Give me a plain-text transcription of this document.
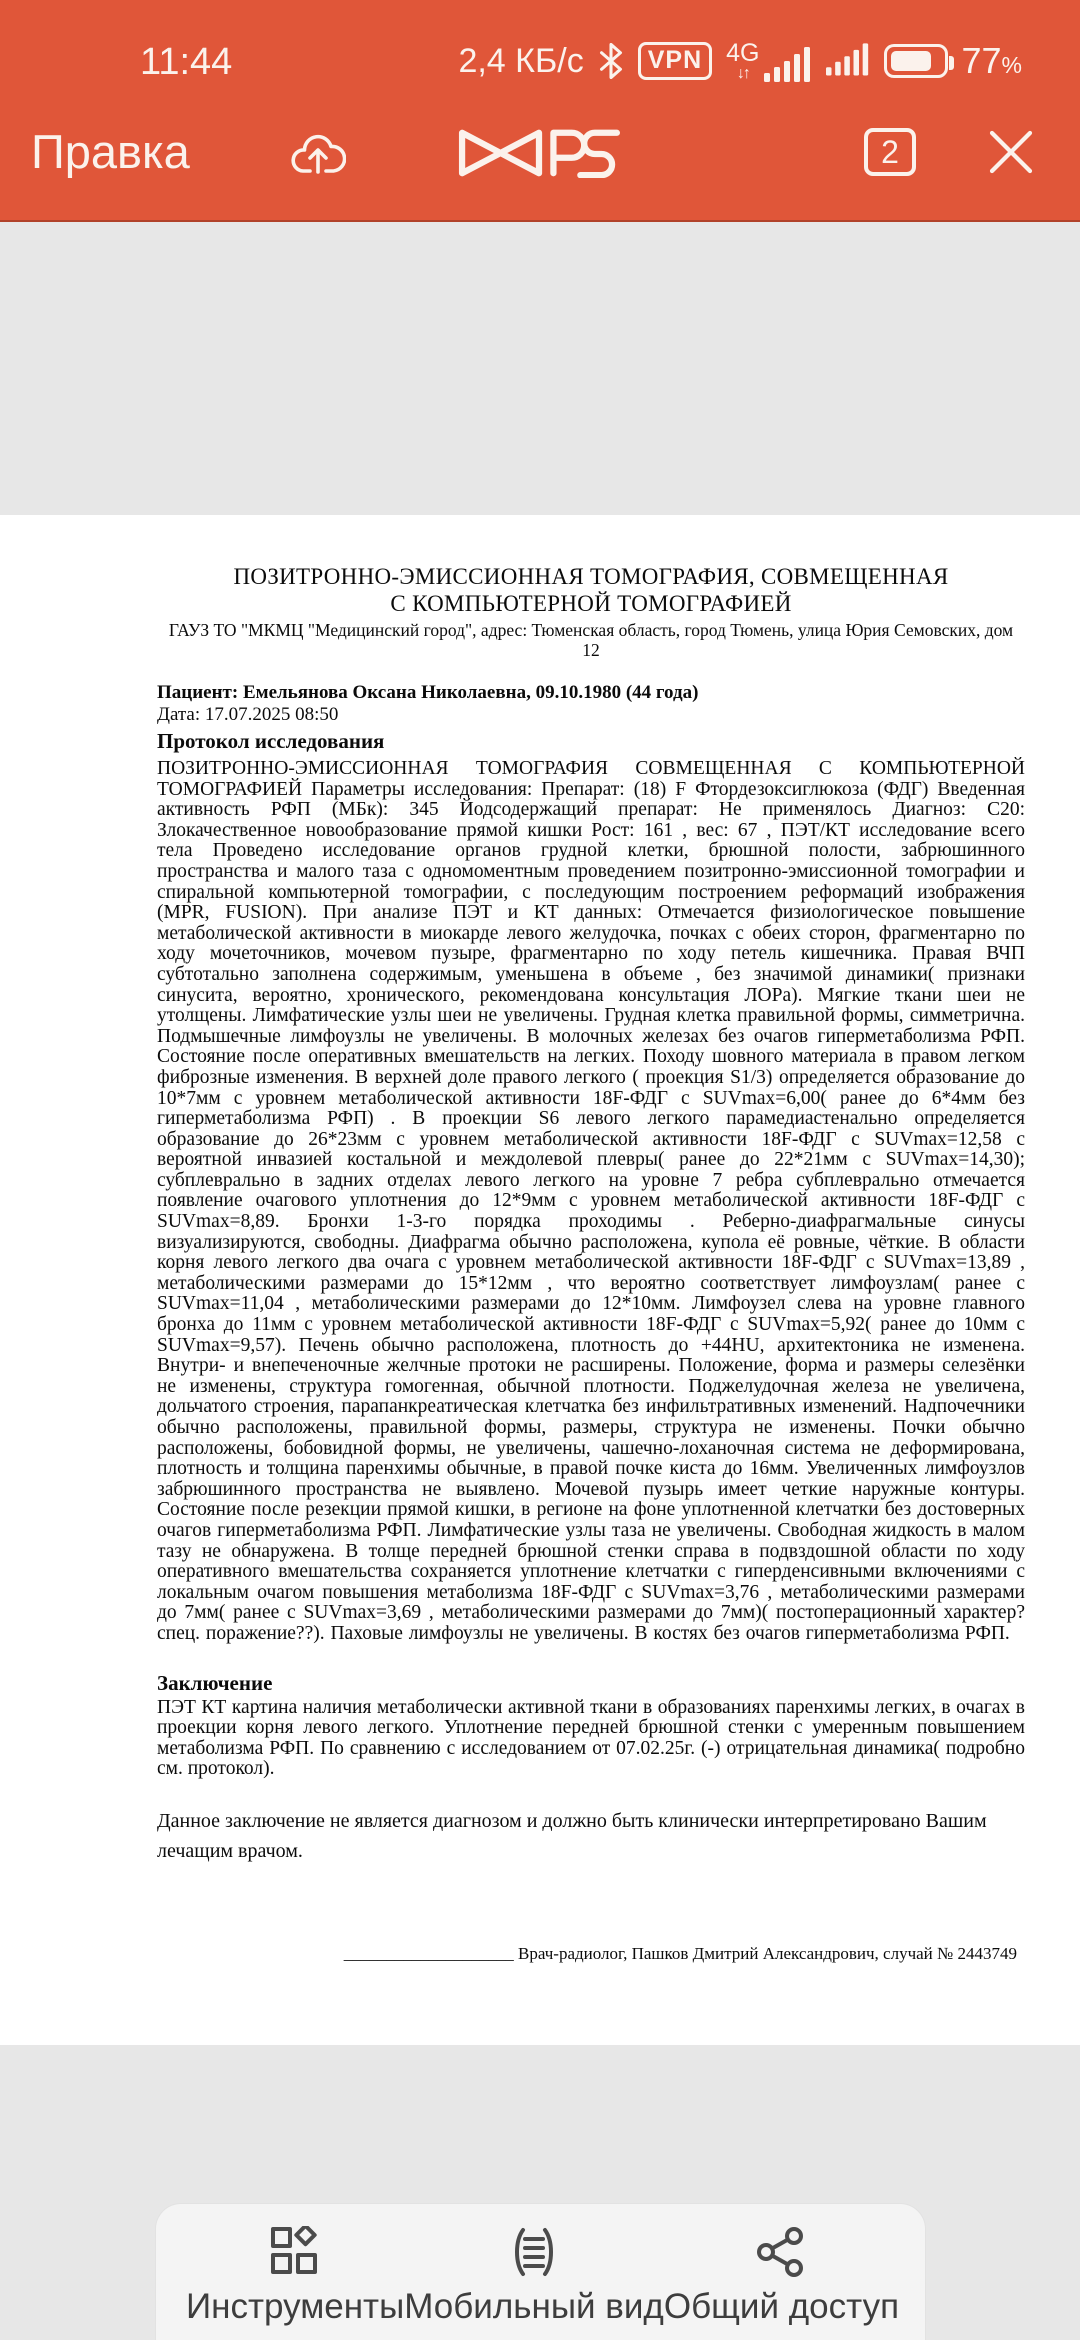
11:44	2,4 КБ/с	VPN 4G
↓↑	77%
Правка	2
ПОЗИТРОННО-ЭМИССИОННАЯ ТОМОГРАФИЯ, СОВМЕЩЕННАЯ С КОМПЬЮТЕРНОЙ ТОМОГРАФИЕЙ
ГАУЗ ТО "МКМЦ "Медицинский город", адрес: Тюменская область, город Тюмень, улица Юрия Семовских, дом
12
Пациент: Емельянова Оксана Николаевна, 09.10.1980 (44 года)
Дата: 17.07.2025 08:50
Протокол исследования
ПОЗИТРОННО-ЭМИССИОННАЯ ТОМОГРАФИЯ СОВМЕЩЕННАЯ С КОМПЬЮТЕРНОЙ ТОМОГРАФИЕЙ Параметры исследования: Препарат: (18) F Фтордезоксиглюкоза (ФДГ) Введенная активность РФП (МБк): 345 Йодсодержащий препарат: Не применялось Диагноз: C20: Злокачественное новообразование прямой кишки Рост: 161 , вес: 67 , ПЭТ/КТ исследование всего тела Проведено исследование органов грудной клетки, брюшной полости, забрюшинного пространства и малого таза с одномоментным проведением позитронно-эмиссионной томографии и спиральной компьютерной томографии, с последующим построением реформаций изображения (MPR, FUSION). При анализе ПЭТ и КТ данных: Отмечается физиологическое повышение метаболической активности в миокарде левого желудочка, почках с обеих сторон, фрагментарно по ходу мочеточников, мочевом пузыре, фрагментарно по ходу петель кишечника. Правая ВЧП субтотально заполнена содержимым, уменьшена в объеме , без значимой динамики( признаки синусита, вероятно, хронического, рекомендована консультация ЛОРа). Мягкие ткани шеи не утолщены. Лимфатические узлы шеи не увеличены. Грудная клетка правильной формы, симметрична. Подмышечные лимфоузлы не увеличены. В молочных железах без очагов гиперметаболизма РФП. Состояние после оперативных вмешательств на легких. Походу шовного материала в правом легком фиброзные изменения. В верхней доле правого легкого ( проекция S1/3) определяется образование до 10*7мм с уровнем метаболической активности 18F-ФДГ с SUVmax=6,00( ранее до 6*4мм без гиперметаболизма РФП) . В проекции S6 левого легкого парамедиастенально определяется образование до 26*23мм с уровнем метаболической активности 18F-ФДГ с SUVmax=12,58 с вероятной инвазией костальной и междолевой плевры( ранее до 22*21мм с SUVmax=14,30); субплеврально в задних отделах левого легкого на уровне 7 ребра субплеврально отмечается появление очагового уплотнения до 12*9мм с уровнем метаболической активности 18F-ФДГ с SUVmax=8,89. Бронхи 1-3-го порядка проходимы . Реберно-диафрагмальные синусы визуализируются, свободны. Диафрагма обычно расположена, купола её ровные, чёткие. В области корня левого легкого два очага с уровнем метаболической активности 18F-ФДГ с SUVmax=13,89 , метаболическими размерами до 15*12мм , что вероятно соответствует лимфоузлам( ранее с SUVmax=11,04 , метаболическими размерами до 12*10мм. Лимфоузел слева на уровне главного бронха до 11мм с уровнем метаболической активности 18F-ФДГ с SUVmax=5,92( ранее до 10мм с SUVmax=9,57). Печень обычно расположена, плотность до +44HU, архитектоника не изменена. Внутри- и внепеченочные желчные протоки не расширены. Положение, форма и размеры селезёнки не изменены, структура гомогенная, обычной плотности. Поджелудочная железа не увеличена, дольчатого строения, парапанкреатическая клетчатка без инфильтративных изменений. Надпочечники обычно расположены, правильной формы, размеры, структура не изменены. Почки обычно расположены, бобовидной формы, не увеличены, чашечно-лоханочная система не деформирована, плотность и толщина паренхимы обычные, в правой почке киста до 16мм. Увеличенных лимфоузлов забрюшинного пространства не выявлено. Мочевой пузырь имеет четкие наружные контуры. Состояние после резекции прямой кишки, в регионе на фоне уплотненной клетчатки без достоверных очагов гиперметаболизма РФП. Лимфатические узлы таза не увеличены. Свободная жидкость в малом тазу не обнаружена. В толще передней брюшной стенки справа в подвздошной области по ходу оперативного вмешательства сохраняется уплотнение клетчатки с гиперденсивными включениями с локальным очагом повышения метаболизма 18F-ФДГ с SUVmax=3,76 , метаболическими размерами до 7мм( ранее с SUVmax=3,69 , метаболическими размерами до 7мм)( постоперационный характер? спец. поражение??). Паховые лимфоузлы не увеличены. В костях без очагов гиперметаболизма РФП.
Заключение
ПЭТ КТ картина наличия метаболически активной ткани в образованиях паренхимы легких, в очагах в проекции корня левого легкого. Уплотнение передней брюшной стенки с умеренным повышением метаболизма РФП. По сравнению с исследованием от 07.02.25г. (-) отрицательная динамика( подробно см. протокол).
Данное заключение не является диагнозом и должно быть клинически интерпретировано Вашим лечащим врачом.
____________________ Врач-радиолог, Пашков Дмитрий Александрович, случай № 2443749
Инструменты Мобильный вид Общий доступ
